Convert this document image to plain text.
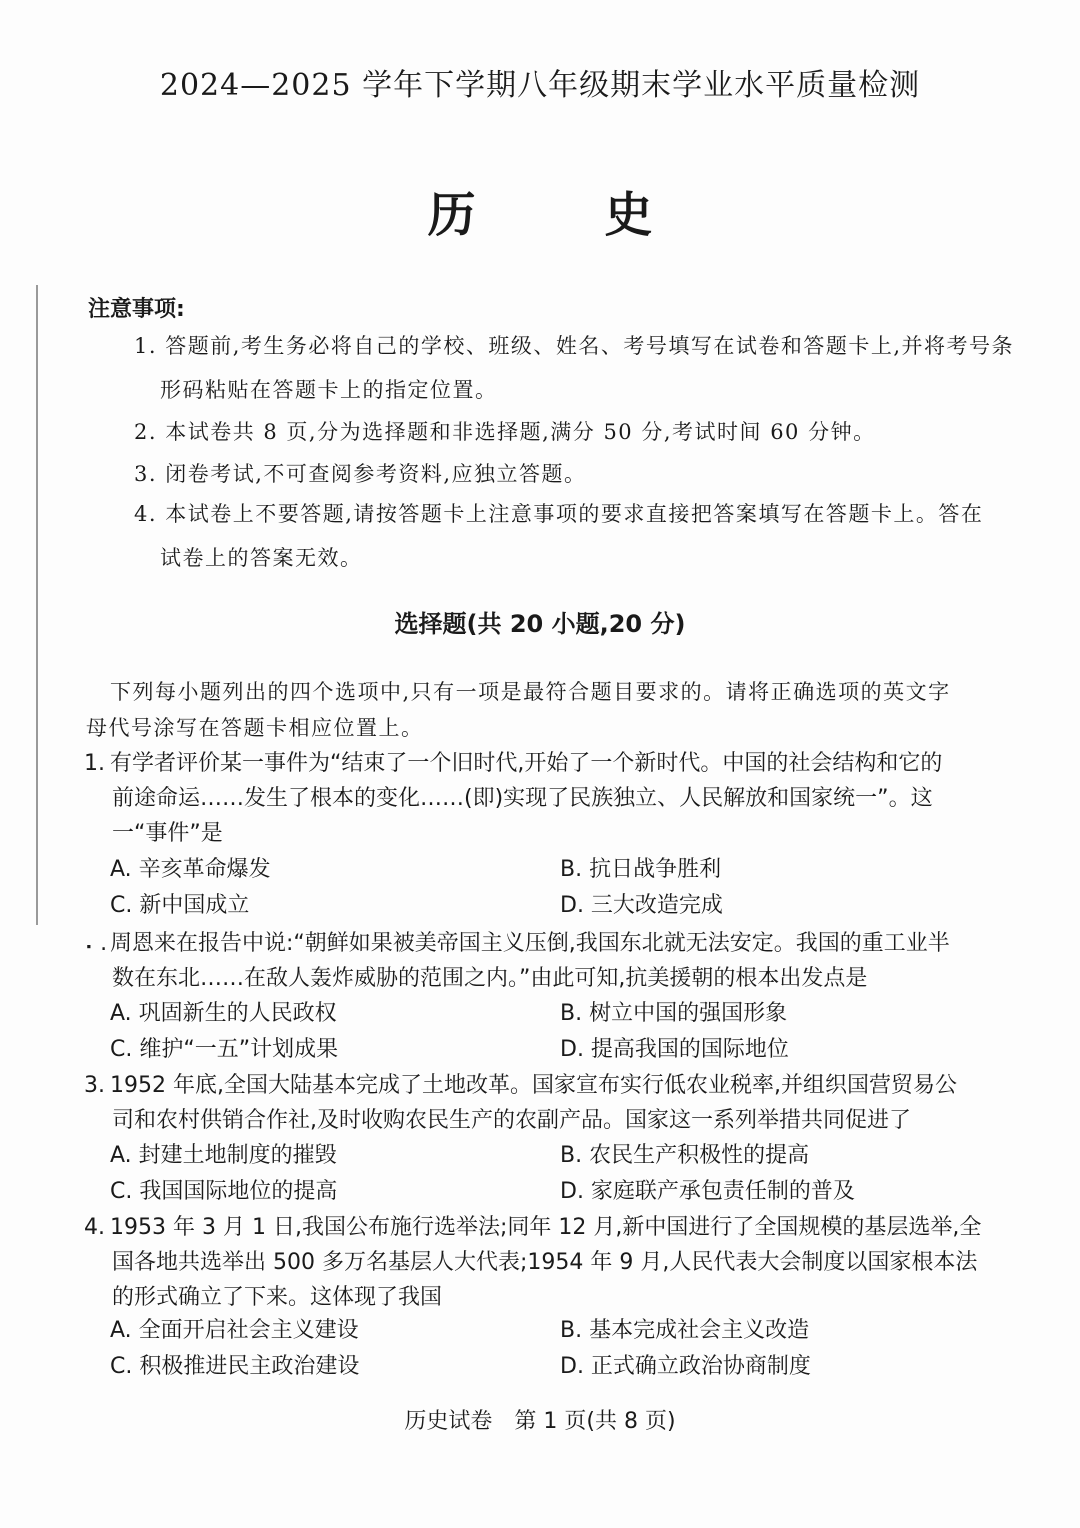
2024—2025 学年下学期八年级期末学业水平质量检测
历 史
注意事项:
1. 答题前,考生务必将自己的学校、班级、姓名、考号填写在试卷和答题卡上,并将考号条
形码粘贴在答题卡上的指定位置。
2. 本试卷共 8 页,分为选择题和非选择题,满分 50 分,考试时间 60 分钟。
3. 闭卷考试,不可查阅参考资料,应独立答题。
4. 本试卷上不要答题,请按答题卡上注意事项的要求直接把答案填写在答题卡上。答在
试卷上的答案无效。
选择题(共 20 小题,20 分)
下列每小题列出的四个选项中,只有一项是最符合题目要求的。请将正确选项的英文字
母代号涂写在答题卡相应位置上。
1. 有学者评价某一事件为“结束了一个旧时代,开始了一个新时代。中国的社会结构和它的
前途命运……发生了根本的变化……(即)实现了民族独立、人民解放和国家统一”。这
一“事件”是
A. 辛亥革命爆发	B. 抗日战争胜利
C. 新中国成立	D. 三大改造完成
⠄. 周恩来在报告中说:“朝鲜如果被美帝国主义压倒,我国东北就无法安定。我国的重工业半
数在东北……在敌人轰炸威胁的范围之内。”由此可知,抗美援朝的根本出发点是
A. 巩固新生的人民政权	B. 树立中国的强国形象
C. 维护“一五”计划成果	D. 提高我国的国际地位
3. 1952 年底,全国大陆基本完成了土地改革。国家宣布实行低农业税率,并组织国营贸易公
司和农村供销合作社,及时收购农民生产的农副产品。国家这一系列举措共同促进了
A. 封建土地制度的摧毁	B. 农民生产积极性的提高
C. 我国国际地位的提高	D. 家庭联产承包责任制的普及
4. 1953 年 3 月 1 日,我国公布施行选举法;同年 12 月,新中国进行了全国规模的基层选举,全
国各地共选举出 500 多万名基层人大代表;1954 年 9 月,人民代表大会制度以国家根本法
的形式确立了下来。这体现了我国
A. 全面开启社会主义建设	B. 基本完成社会主义改造
C. 积极推进民主政治建设	D. 正式确立政治协商制度
历史试卷　第 1 页(共 8 页)
